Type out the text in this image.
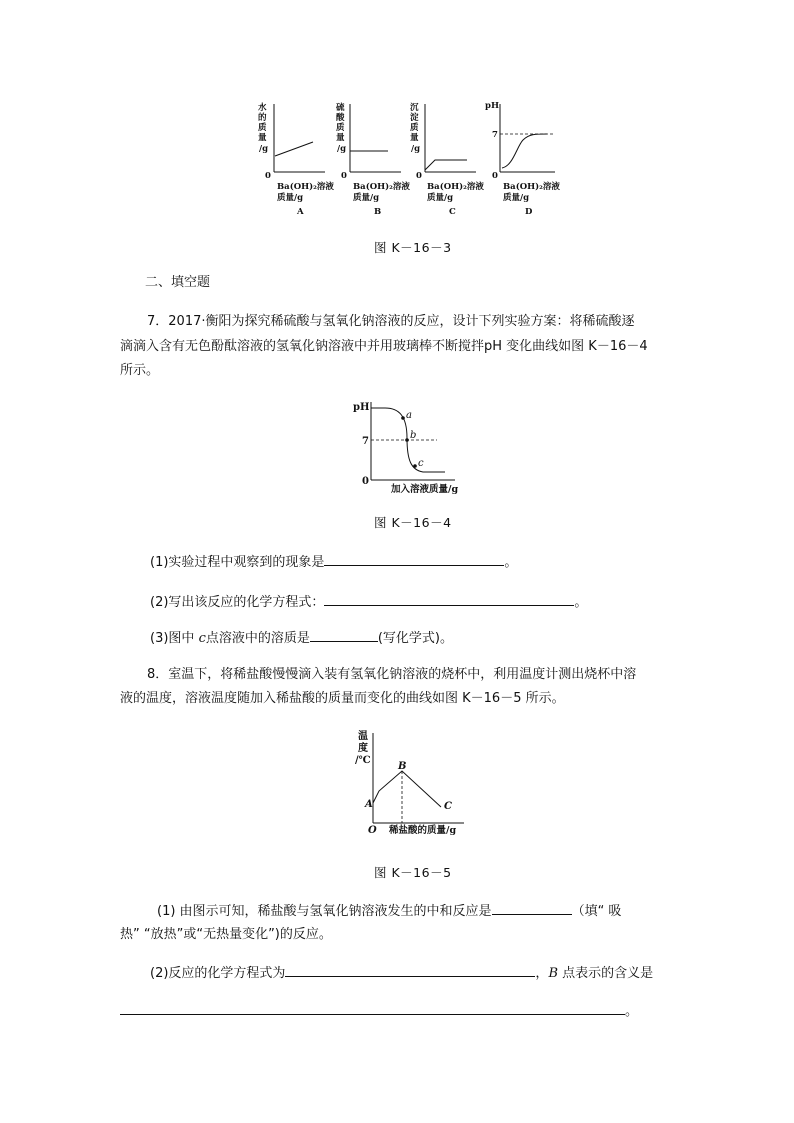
水
的
质
量
/g
0
Ba(OH)₂溶液
质量/g
A
硫
酸
质
量
/g
0
Ba(OH)₂溶液
质量/g
B
沉
淀
质
量
/g
0
Ba(OH)₂溶液
质量/g
C
pH
7
0
Ba(OH)₂溶液
质量/g
D
图 K－16－3
二、填空题
7．2017·衡阳为探究稀硫酸与氢氧化钠溶液的反应，设计下列实验方案：将稀硫酸逐
滴滴入含有无色酚酞溶液的氢氧化钠溶液中并用玻璃棒不断搅拌pH 变化曲线如图 K－16－4
所示。
pH
a
b
c
7
0
加入溶液质量/g
图 K－16－4
(1)实验过程中观察到的现象是	。
(2)写出该反应的化学方程式：	。
(3)图中 c点溶液中的溶质是	(写化学式)。
8．室温下，将稀盐酸慢慢滴入装有氢氧化钠溶液的烧杯中，利用温度计测出烧杯中溶
液的温度，溶液温度随加入稀盐酸的质量而变化的曲线如图 K－16－5 所示。
温
度
/℃
A
B
C
O 稀盐酸的质量/g
图 K－16－5
(1) 由图示可知，稀盐酸与氢氧化钠溶液发生的中和反应是	（填“ 吸
热” “放热”或“无热量变化”)的反应。
(2)反应的化学方程式为	，B 点表示的含义是
。
